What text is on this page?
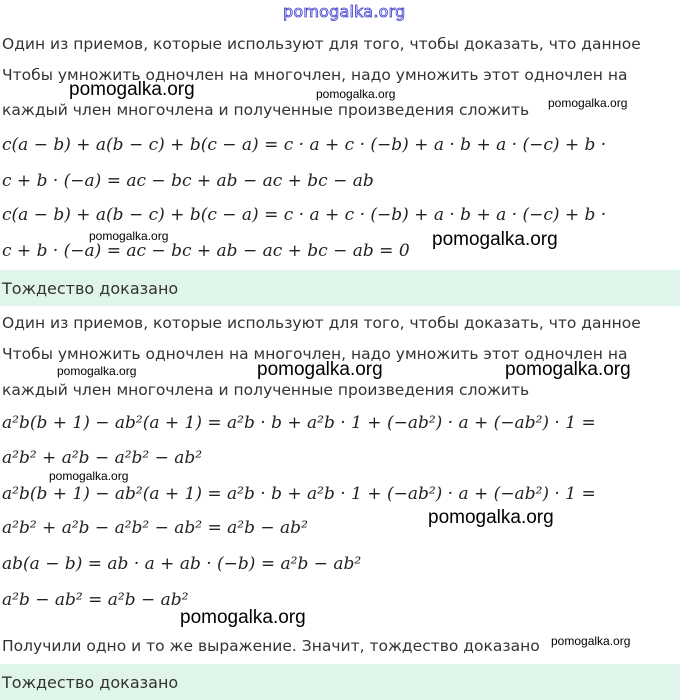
pomogalka.org
Один из приемов, которые используют для того, чтобы доказать, что данное
Чтобы умножить одночлен на многочлен, надо умножить этот одночлен на
pomogalka.org	pomogalka.org
каждый член многочлена и полученные произведения сложить pomogalka.org
c(a − b) + a(b − c) + b(c − a) = c · a + c · (−b) + a · b + a · (−c) + b ·
c + b · (−a) = ac − bc + ab − ac + bc − ab
c(a − b) + a(b − c) + b(c − a) = c · a + c · (−b) + a · b + a · (−c) + b ·
pomogalka.org
c + b · (−a) = ac − bc + ab − ac + bc − ab = 0
pomogalka.org
Тождество доказано
Один из приемов, которые используют для того, чтобы доказать, что данное
Чтобы умножить одночлен на многочлен, надо умножить этот одночлен на
pomogalka.org	pomogalka.org	pomogalka.org
каждый член многочлена и полученные произведения сложить
a²b(b + 1) − ab²(a + 1) = a²b · b + a²b · 1 + (−ab²) · a + (−ab²) · 1 =
a²b² + a²b − a²b² − ab²
pomogalka.org
a²b(b + 1) − ab²(a + 1) = a²b · b + a²b · 1 + (−ab²) · a + (−ab²) · 1 =
a²b² + a²b − a²b² − ab² = a²b − ab²	pomogalka.org
ab(a − b) = ab · a + ab · (−b) = a²b − ab²
a²b − ab² = a²b − ab²
pomogalka.org
Получили одно и то же выражение. Значит, тождество доказано pomogalka.org
Тождество доказано
